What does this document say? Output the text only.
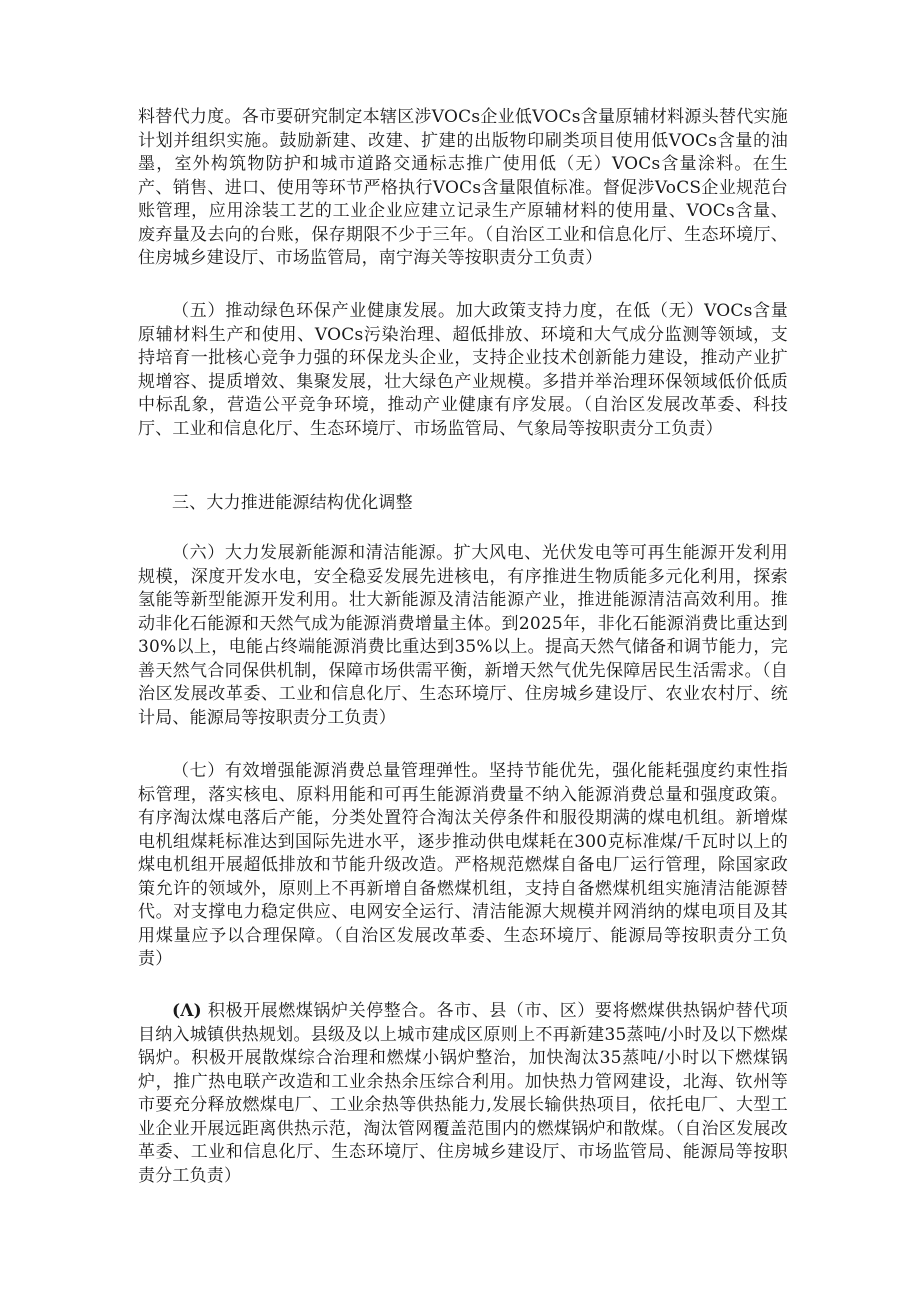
料替代力度。各市要研究制定本辖区涉VOCs企业低VOCs含量原辅材料源头替代实施计划并组织实施。鼓励新建、改建、扩建的出版物印刷类项目使用低VOCs含量的油墨，室外构筑物防护和城市道路交通标志推广使用低（无）VOCs含量涂料。在生产、销售、进口、使用等环节严格执行VOCs含量限值标准。督促涉VoCS企业规范台账管理，应用涂装工艺的工业企业应建立记录生产原辅材料的使用量、VOCs含量、废弃量及去向的台账，保存期限不少于三年。（自治区工业和信息化厅、生态环境厅、住房城乡建设厅、市场监管局，南宁海关等按职责分工负责）

（五）推动绿色环保产业健康发展。加大政策支持力度，在低（无）VOCs含量原辅材料生产和使用、VOCs污染治理、超低排放、环境和大气成分监测等领域，支持培育一批核心竞争力强的环保龙头企业，支持企业技术创新能力建设，推动产业扩规增容、提质增效、集聚发展，壮大绿色产业规模。多措并举治理环保领域低价低质中标乱象，营造公平竞争环境，推动产业健康有序发展。（自治区发展改革委、科技厅、工业和信息化厅、生态环境厅、市场监管局、气象局等按职责分工负责）

三、大力推进能源结构优化调整

（六）大力发展新能源和清洁能源。扩大风电、光伏发电等可再生能源开发利用规模，深度开发水电，安全稳妥发展先进核电，有序推进生物质能多元化利用，探索氢能等新型能源开发利用。壮大新能源及清洁能源产业，推进能源清洁高效利用。推动非化石能源和天然气成为能源消费增量主体。到2025年，非化石能源消费比重达到30%以上，电能占终端能源消费比重达到35%以上。提高天然气储备和调节能力，完善天然气合同保供机制，保障市场供需平衡，新增天然气优先保障居民生活需求。（自治区发展改革委、工业和信息化厅、生态环境厅、住房城乡建设厅、农业农村厅、统计局、能源局等按职责分工负责）

（七）有效增强能源消费总量管理弹性。坚持节能优先，强化能耗强度约束性指标管理，落实核电、原料用能和可再生能源消费量不纳入能源消费总量和强度政策。有序淘汰煤电落后产能，分类处置符合淘汰关停条件和服役期满的煤电机组。新增煤电机组煤耗标准达到国际先进水平，逐步推动供电煤耗在300克标准煤/千瓦时以上的煤电机组开展超低排放和节能升级改造。严格规范燃煤自备电厂运行管理，除国家政策允许的领域外，原则上不再新增自备燃煤机组，支持自备燃煤机组实施清洁能源替代。对支撑电力稳定供应、电网安全运行、清洁能源大规模并网消纳的煤电项目及其用煤量应予以合理保障。（自治区发展改革委、生态环境厅、能源局等按职责分工负责）

(Λ) 积极开展燃煤锅炉关停整合。各市、县（市、区）要将燃煤供热锅炉替代项目纳入城镇供热规划。县级及以上城市建成区原则上不再新建35蒸吨/小时及以下燃煤锅炉。积极开展散煤综合治理和燃煤小锅炉整治，加快淘汰35蒸吨/小时以下燃煤锅炉，推广热电联产改造和工业余热余压综合利用。加快热力管网建设，北海、钦州等市要充分释放燃煤电厂、工业余热等供热能力,发展长输供热项目，依托电厂、大型工业企业开展远距离供热示范，淘汰管网覆盖范围内的燃煤锅炉和散煤。（自治区发展改革委、工业和信息化厅、生态环境厅、住房城乡建设厅、市场监管局、能源局等按职责分工负责）
